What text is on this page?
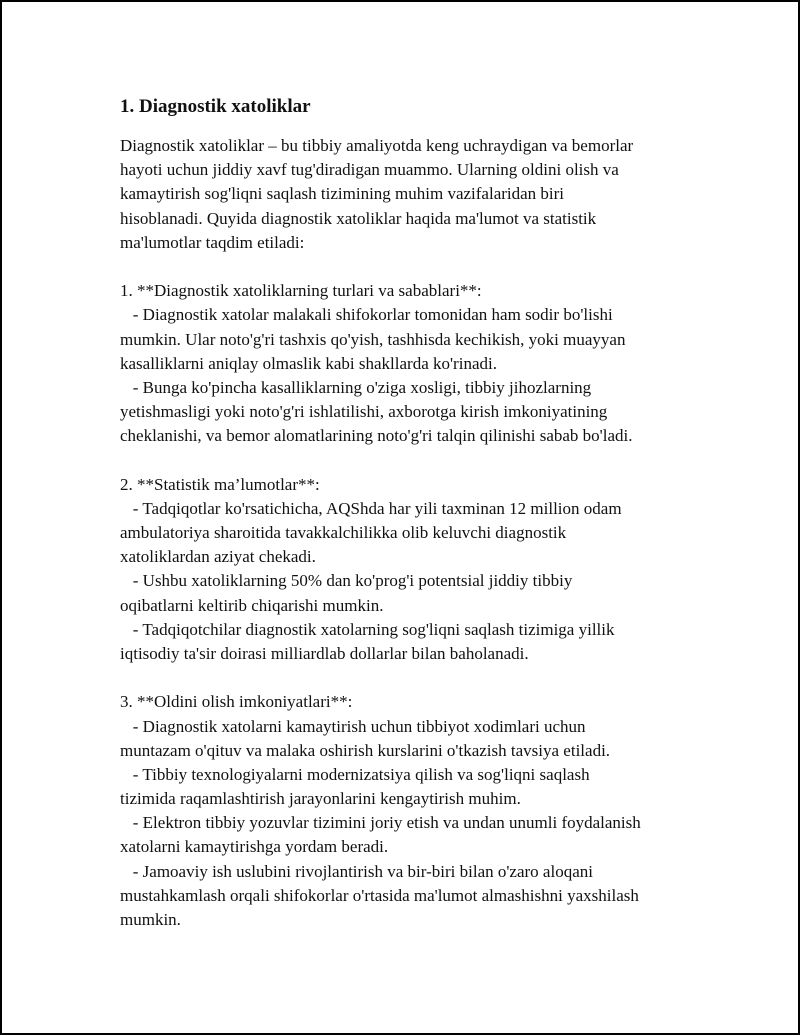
1. Diagnostik xatoliklar
Diagnostik xatoliklar – bu tibbiy amaliyotda keng uchraydigan va bemorlar
hayoti uchun jiddiy xavf tug'diradigan muammo. Ularning oldini olish va
kamaytirish sog'liqni saqlash tizimining muhim vazifalaridan biri
hisoblanadi. Quyida diagnostik xatoliklar haqida ma'lumot va statistik
ma'lumotlar taqdim etiladi:
1. **Diagnostik xatoliklarning turlari va sabablari**:
- Diagnostik xatolar malakali shifokorlar tomonidan ham sodir bo'lishi
mumkin. Ular noto'g'ri tashxis qo'yish, tashhisda kechikish, yoki muayyan
kasalliklarni aniqlay olmaslik kabi shakllarda ko'rinadi.
- Bunga ko'pincha kasalliklarning o'ziga xosligi, tibbiy jihozlarning
yetishmasligi yoki noto'g'ri ishlatilishi, axborotga kirish imkoniyatining
cheklanishi, va bemor alomatlarining noto'g'ri talqin qilinishi sabab bo'ladi.
2. **Statistik ma’lumotlar**:
- Tadqiqotlar ko'rsatichicha, AQShda har yili taxminan 12 million odam
ambulatoriya sharoitida tavakkalchilikka olib keluvchi diagnostik
xatoliklardan aziyat chekadi.
- Ushbu xatoliklarning 50% dan ko'prog'i potentsial jiddiy tibbiy
oqibatlarni keltirib chiqarishi mumkin.
- Tadqiqotchilar diagnostik xatolarning sog'liqni saqlash tizimiga yillik
iqtisodiy ta'sir doirasi milliardlab dollarlar bilan baholanadi.
3. **Oldini olish imkoniyatlari**:
- Diagnostik xatolarni kamaytirish uchun tibbiyot xodimlari uchun
muntazam o'qituv va malaka oshirish kurslarini o'tkazish tavsiya etiladi.
- Tibbiy texnologiyalarni modernizatsiya qilish va sog'liqni saqlash
tizimida raqamlashtirish jarayonlarini kengaytirish muhim.
- Elektron tibbiy yozuvlar tizimini joriy etish va undan unumli foydalanish
xatolarni kamaytirishga yordam beradi.
- Jamoaviy ish uslubini rivojlantirish va bir-biri bilan o'zaro aloqani
mustahkamlash orqali shifokorlar o'rtasida ma'lumot almashishni yaxshilash
mumkin.
